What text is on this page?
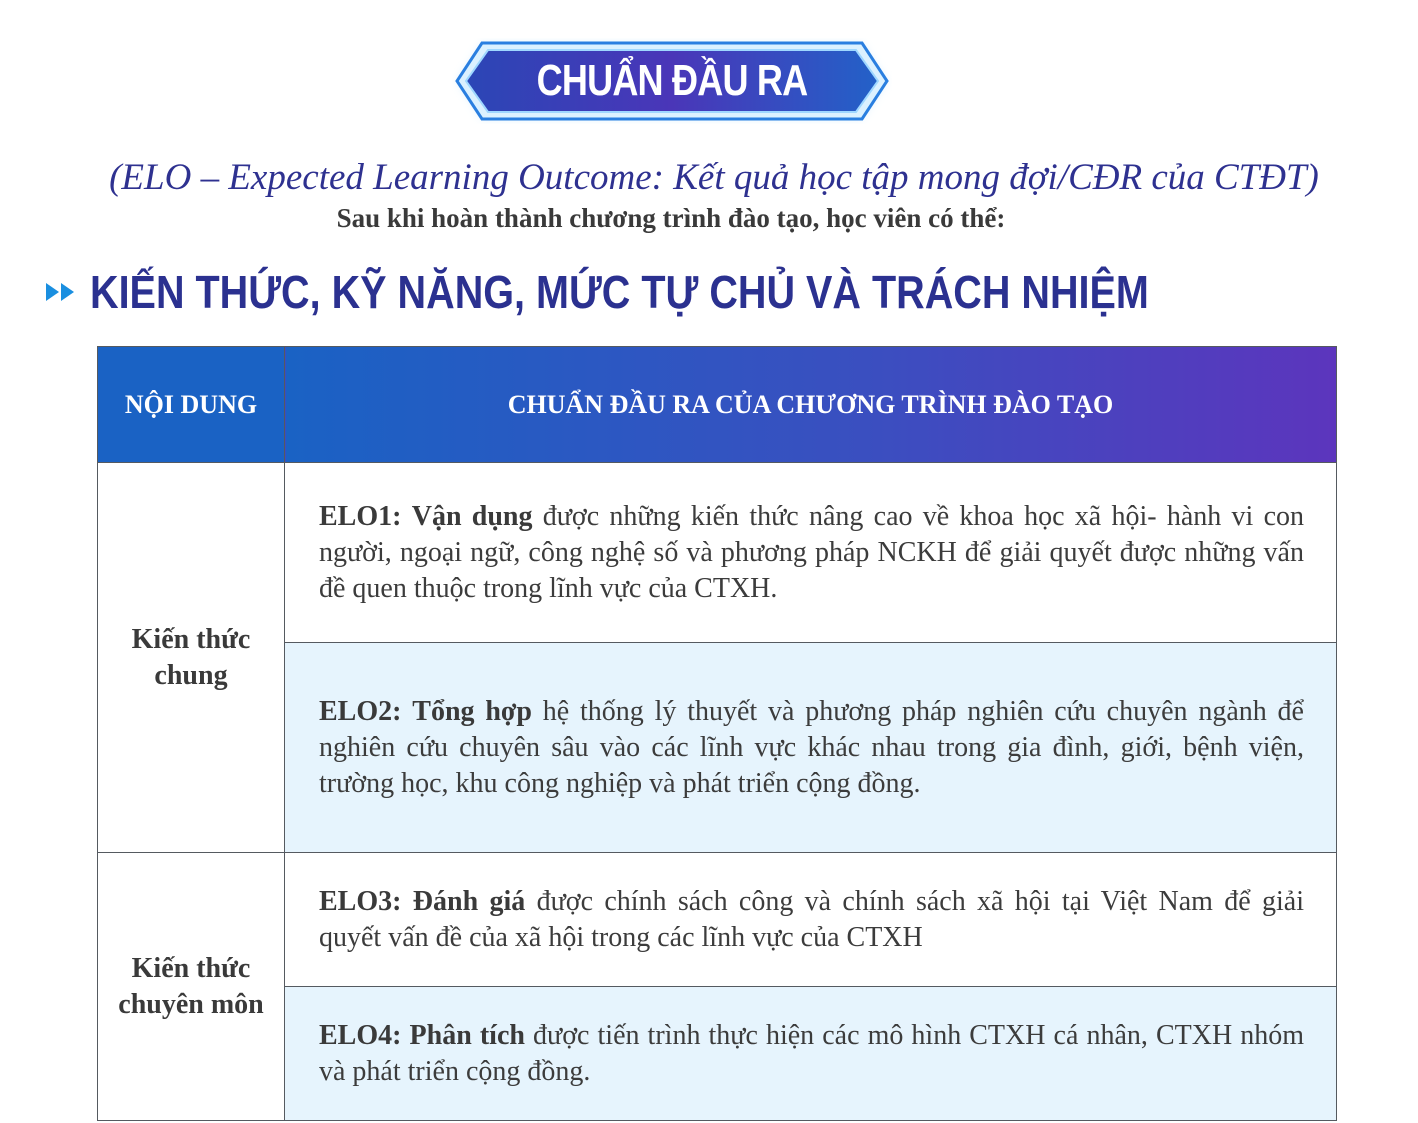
CHUẨN ĐẦU RA
(ELO – Expected Learning Outcome: Kết quả học tập mong đợi/CĐR của CTĐT)
Sau khi hoàn thành chương trình đào tạo, học viên có thể:
KIẾN THỨC, KỸ NĂNG, MỨC TỰ CHỦ VÀ TRÁCH NHIỆM
NỘI DUNG	CHUẨN ĐẦU RA CỦA CHƯƠNG TRÌNH ĐÀO TẠO
Kiến thức chung	ELO1: Vận dụng được những kiến thức nâng cao về khoa học xã hội- hành vi con người, ngoại ngữ, công nghệ số và phương pháp NCKH để giải quyết được những vấn đề quen thuộc trong lĩnh vực của CTXH.
	ELO2: Tổng hợp hệ thống lý thuyết và phương pháp nghiên cứu chuyên ngành để nghiên cứu chuyên sâu vào các lĩnh vực khác nhau trong gia đình, giới, bệnh viện, trường học, khu công nghiệp và phát triển cộng đồng.
Kiến thức chuyên môn	ELO3: Đánh giá được chính sách công và chính sách xã hội tại Việt Nam để giải quyết vấn đề của xã hội trong các lĩnh vực của CTXH
	ELO4: Phân tích được tiến trình thực hiện các mô hình CTXH cá nhân, CTXH nhóm và phát triển cộng đồng.
